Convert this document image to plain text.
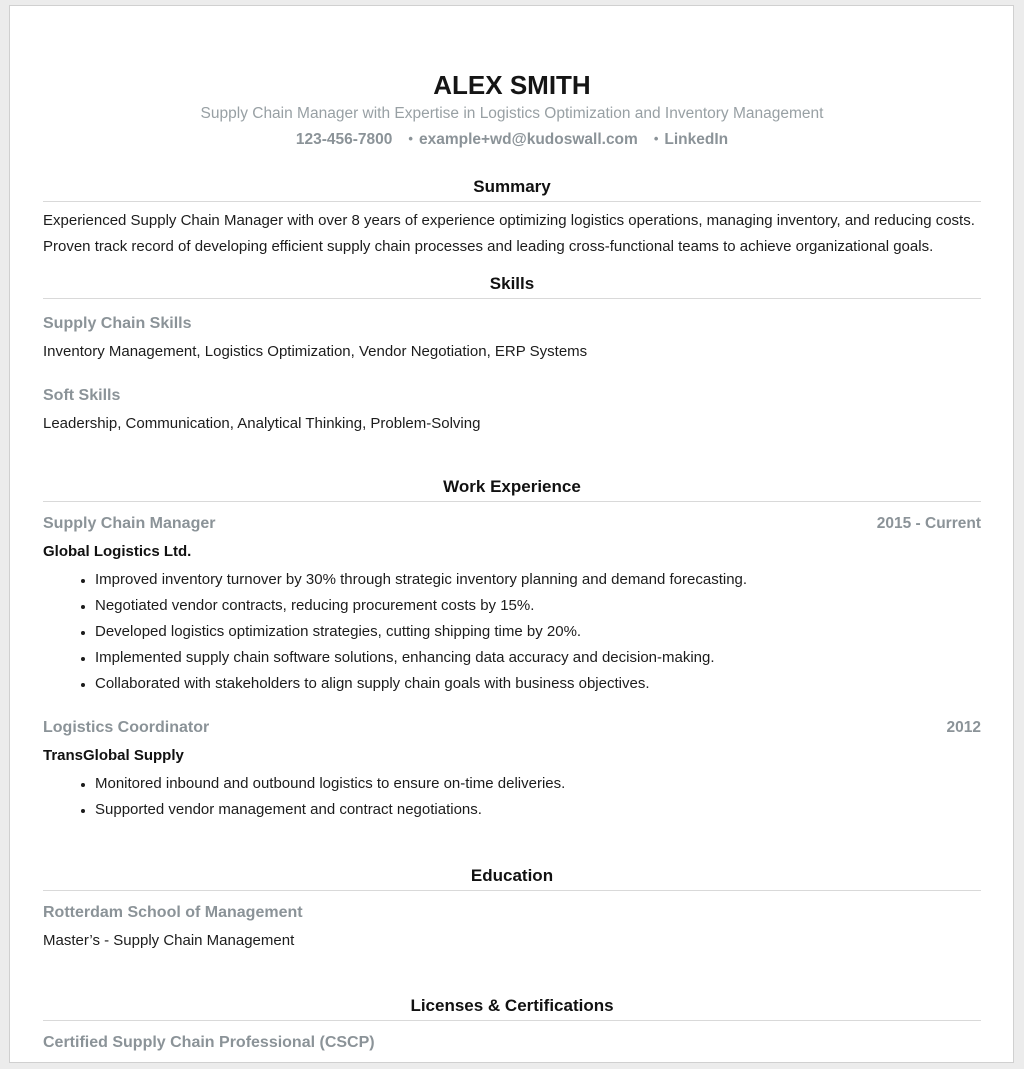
ALEX SMITH
Supply Chain Manager with Expertise in Logistics Optimization and Inventory Management
123-456-7800 • example+wd@kudoswall.com • LinkedIn
Summary

Experienced Supply Chain Manager with over 8 years of experience optimizing logistics operations, managing inventory, and reducing costs. Proven track record of developing efficient supply chain processes and leading cross-functional teams to achieve organizational goals.

Skills
Supply Chain Skills
Inventory Management, Logistics Optimization, Vendor Negotiation, ERP Systems
Soft Skills
Leadership, Communication, Analytical Thinking, Problem-Solving
Work Experience
Supply Chain Manager	2015 - Current
Global Logistics Ltd.
• Improved inventory turnover by 30% through strategic inventory planning and demand forecasting.
• Negotiated vendor contracts, reducing procurement costs by 15%.
• Developed logistics optimization strategies, cutting shipping time by 20%.
• Implemented supply chain software solutions, enhancing data accuracy and decision-making.
• Collaborated with stakeholders to align supply chain goals with business objectives.
Logistics Coordinator	2012
TransGlobal Supply
• Monitored inbound and outbound logistics to ensure on-time deliveries.
• Supported vendor management and contract negotiations.
Education
Rotterdam School of Management
Master’s - Supply Chain Management
Licenses & Certifications
Certified Supply Chain Professional (CSCP)
